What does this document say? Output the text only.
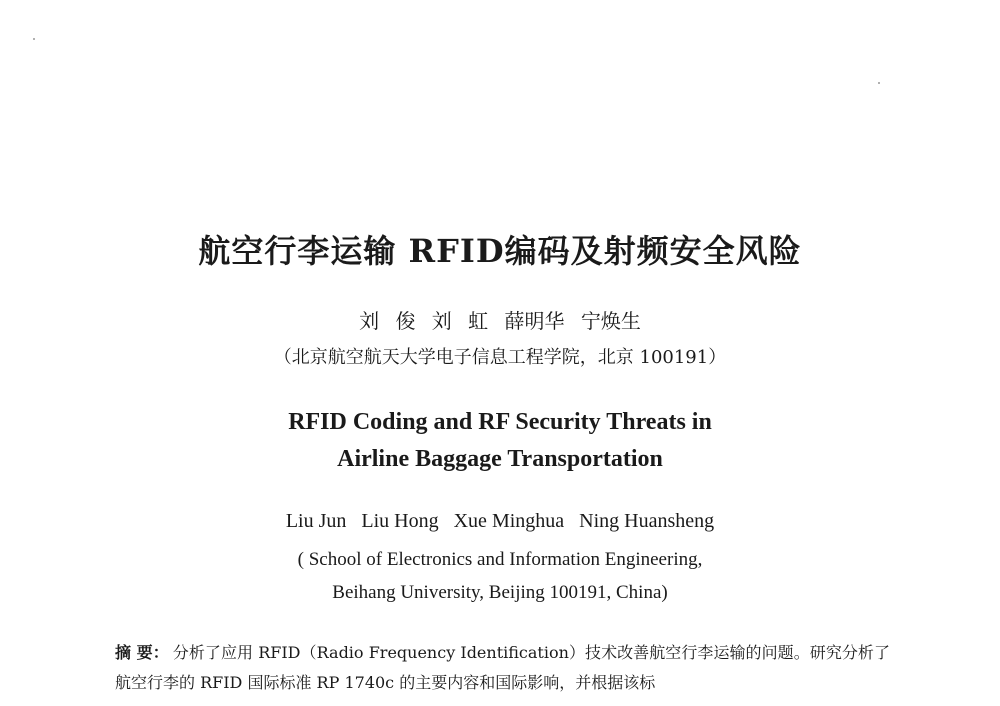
航空行李运输 RFID编码及射频安全风险
刘 俊 刘 虹 薛明华 宁焕生
（北京航空航天大学电子信息工程学院，北京 100191）
RFID Coding and RF Security Threats in
Airline Baggage Transportation
Liu Jun   Liu Hong   Xue Minghua   Ning Huansheng
( School of Electronics and Information Engineering,
Beihang University, Beijing 100191, China)
摘 要： 分析了应用 RFID（Radio Frequency Identification）技术改善航空行李运输的问题。研究分析了航空行李的 RFID 国际标准 RP 1740c 的主要内容和国际影响，并根据该标
